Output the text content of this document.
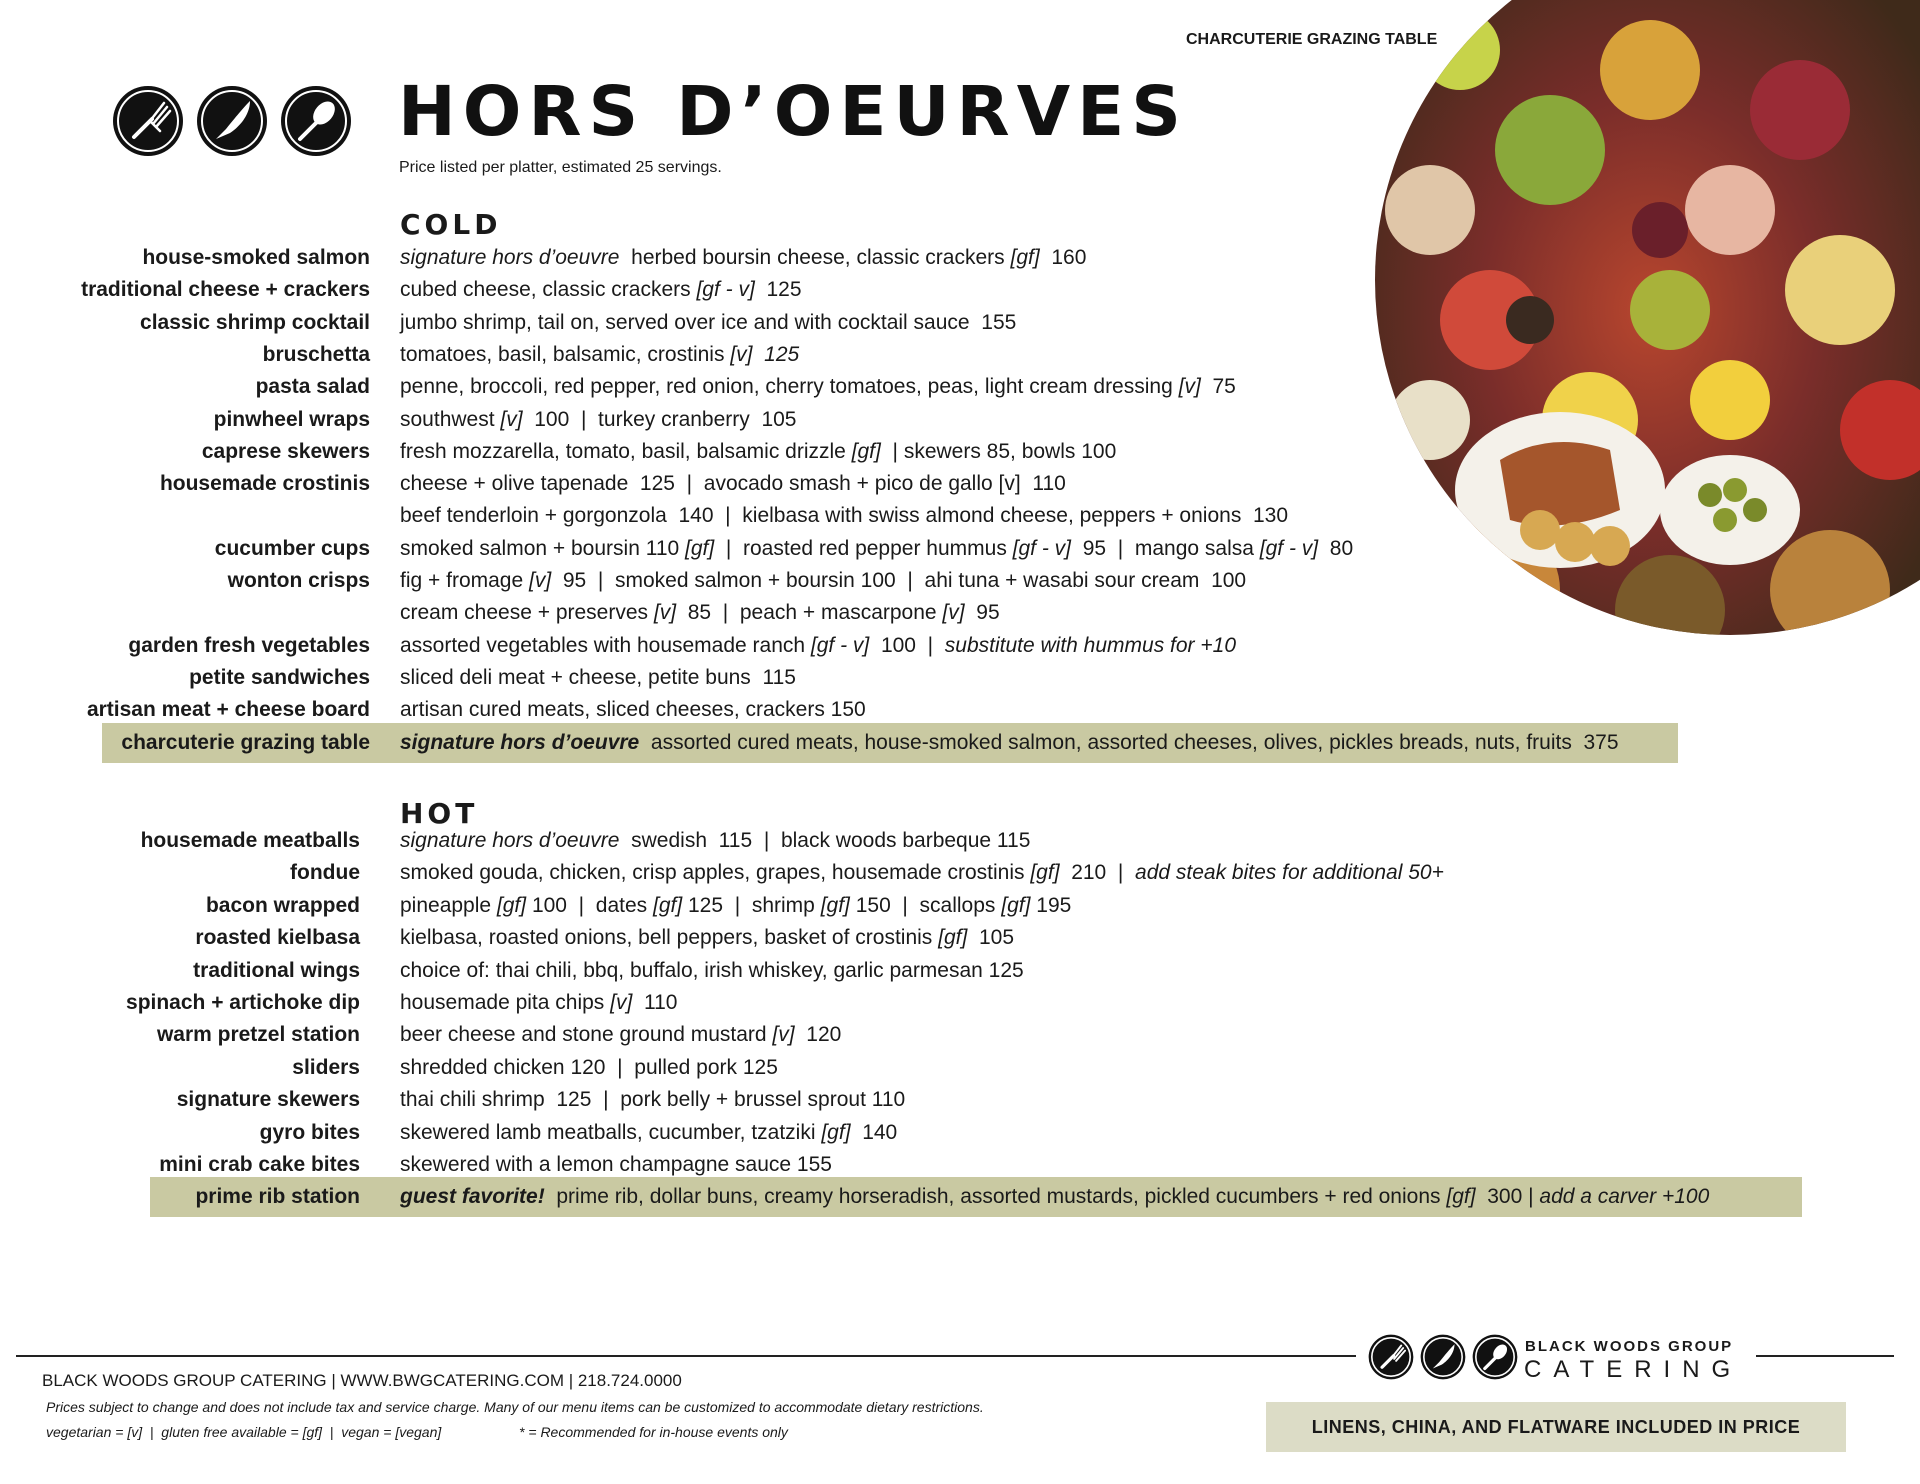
HORS D’OEURVES
Price listed per platter, estimated 25 servings.
CHARCUTERIE GRAZING TABLE
COLD
house-smoked salmon signature hors d’oeuvre  herbed boursin cheese, classic crackers [gf]  160
traditional cheese + crackers cubed cheese, classic crackers [gf - v]  125
classic shrimp cocktail jumbo shrimp, tail on, served over ice and with cocktail sauce  155
bruschetta tomatoes, basil, balsamic, crostinis [v]  125
pasta salad penne, broccoli, red pepper, red onion, cherry tomatoes, peas, light cream dressing [v]  75
pinwheel wraps southwest [v]  100  |  turkey cranberry  105
caprese skewers fresh mozzarella, tomato, basil, balsamic drizzle [gf]  | skewers 85, bowls 100
housemade crostinis cheese + olive tapenade  125  |  avocado smash + pico de gallo [v]  110
beef tenderloin + gorgonzola  140  |  kielbasa with swiss almond cheese, peppers + onions  130
cucumber cups smoked salmon + boursin 110 [gf]  |  roasted red pepper hummus [gf - v]  95  |  mango salsa [gf - v]  80
wonton crisps fig + fromage [v]  95  |  smoked salmon + boursin 100  |  ahi tuna + wasabi sour cream  100
cream cheese + preserves [v]  85  |  peach + mascarpone [v]  95
garden fresh vegetables assorted vegetables with housemade ranch [gf - v]  100  |  substitute with hummus for +10
petite sandwiches sliced deli meat + cheese, petite buns  115
artisan meat + cheese board artisan cured meats, sliced cheeses, crackers 150
charcuterie grazing table signature hors d’oeuvre  assorted cured meats, house-smoked salmon, assorted cheeses, olives, pickles breads, nuts, fruits  375
HOT
housemade meatballs signature hors d’oeuvre  swedish  115  |  black woods barbeque 115
fondue smoked gouda, chicken, crisp apples, grapes, housemade crostinis [gf]  210  |  add steak bites for additional 50+
bacon wrapped pineapple [gf] 100  |  dates [gf] 125  |  shrimp [gf] 150  |  scallops [gf] 195
roasted kielbasa kielbasa, roasted onions, bell peppers, basket of crostinis [gf]  105
traditional wings choice of: thai chili, bbq, buffalo, irish whiskey, garlic parmesan 125
spinach + artichoke dip housemade pita chips [v]  110
warm pretzel station beer cheese and stone ground mustard [v]  120
sliders shredded chicken 120  |  pulled pork 125
signature skewers thai chili shrimp  125  |  pork belly + brussel sprout 110
gyro bites skewered lamb meatballs, cucumber, tzatziki [gf]  140
mini crab cake bites skewered with a lemon champagne sauce 155
prime rib station guest favorite!  prime rib, dollar buns, creamy horseradish, assorted mustards, pickled cucumbers + red onions [gf]  300 | add a carver +100
BLACK WOODS GROUP
CATERING
BLACK WOODS GROUP CATERING | WWW.BWGCATERING.COM | 218.724.0000
Prices subject to change and does not include tax and service charge. Many of our menu items can be customized to accommodate dietary restrictions.
vegetarian = [v]  |  gluten free available = [gf]  |  vegan = [vegan]                    * = Recommended for in-house events only	LINENS, CHINA, AND FLATWARE INCLUDED IN PRICE
